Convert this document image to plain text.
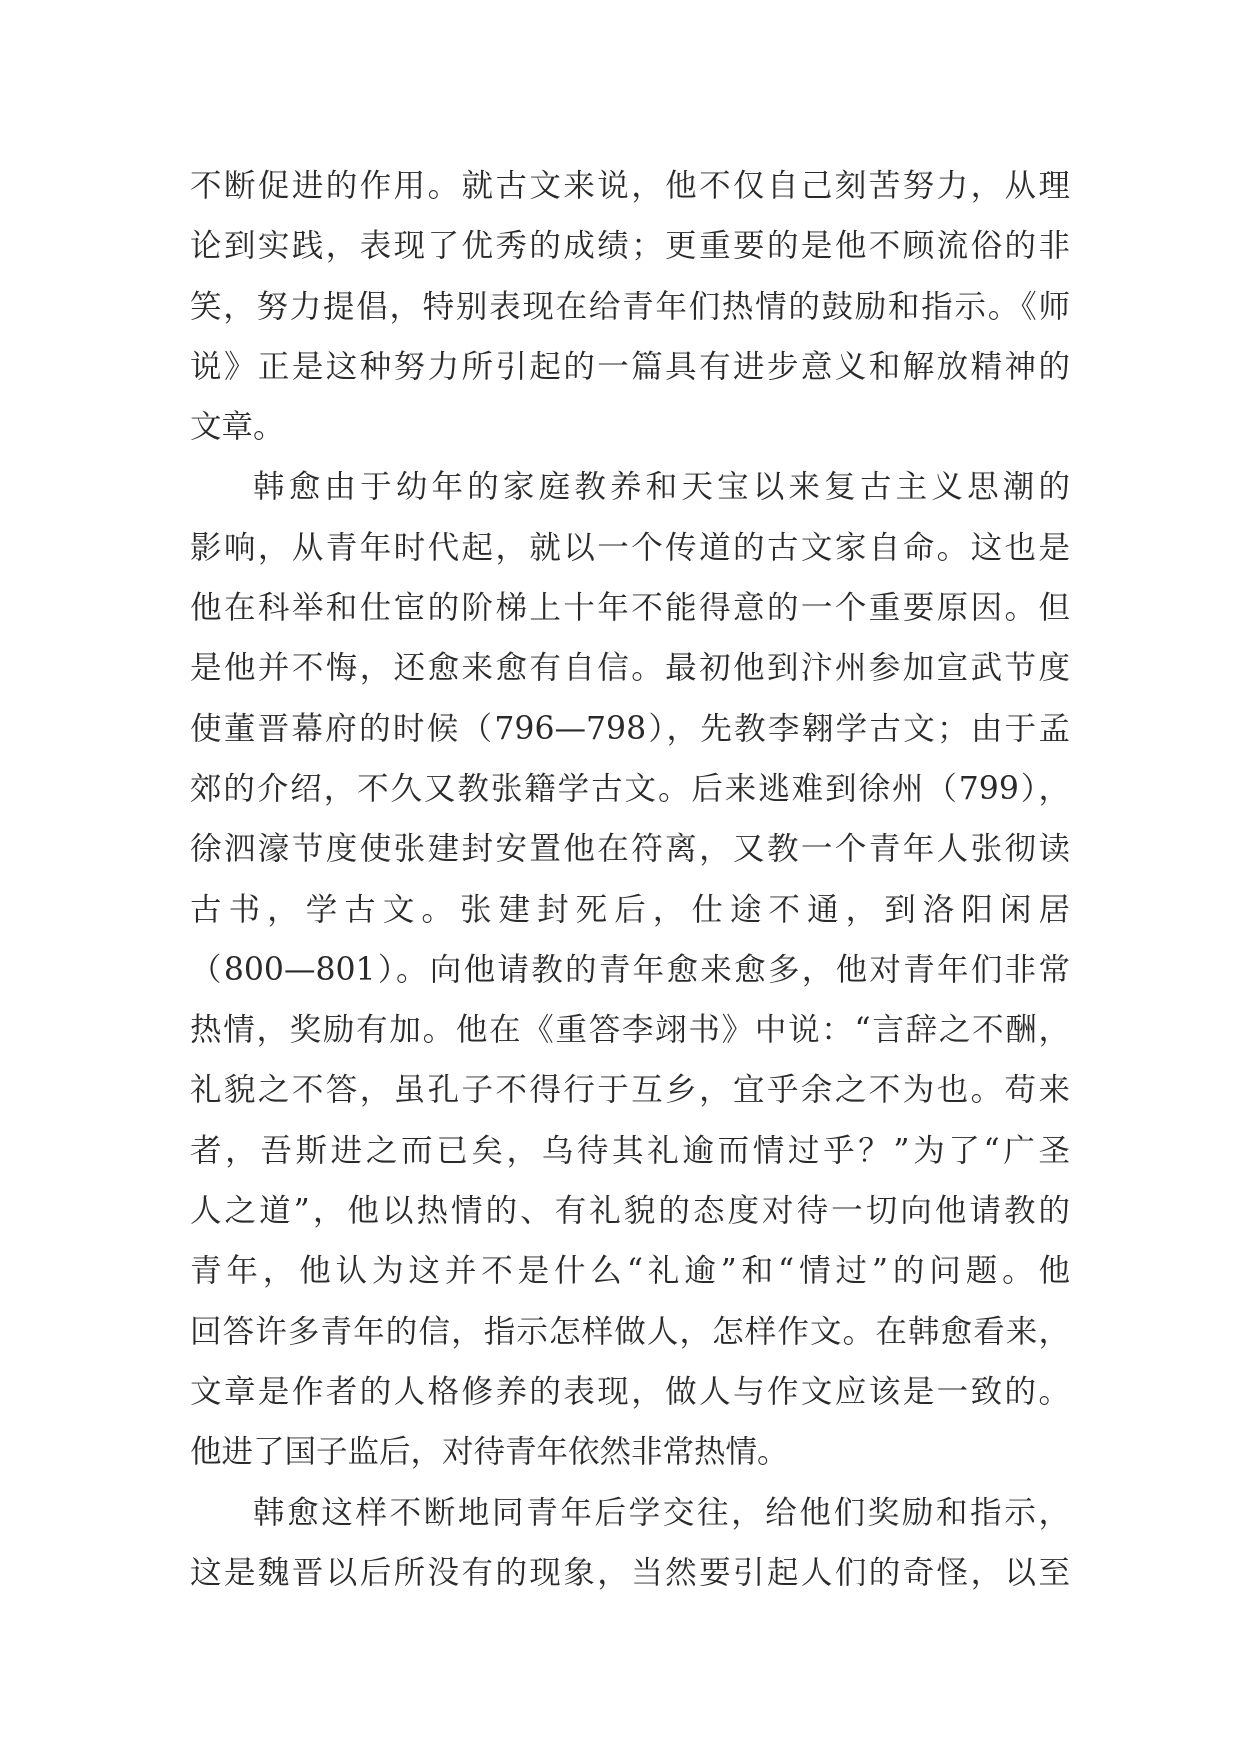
不断促进的作用。就古文来说，他不仅自己刻苦努力，从理
论到实践，表现了优秀的成绩；更重要的是他不顾流俗的非
笑，努力提倡，特别表现在给青年们热情的鼓励和指示。《师
说》正是这种努力所引起的一篇具有进步意义和解放精神的
文章。
韩愈由于幼年的家庭教养和天宝以来复古主义思潮的
影响，从青年时代起，就以一个传道的古文家自命。这也是
他在科举和仕宦的阶梯上十年不能得意的一个重要原因。但
是他并不悔，还愈来愈有自信。最初他到汴州参加宣武节度
使董晋幕府的时候（796—798），先教李翱学古文；由于孟
郊的介绍，不久又教张籍学古文。后来逃难到徐州（799），
徐泗濠节度使张建封安置他在符离，又教一个青年人张彻读
古书，学古文。张建封死后，仕途不通，到洛阳闲居
（800—801）。向他请教的青年愈来愈多，他对青年们非常
热情，奖励有加。他在《重答李翊书》中说：“言辞之不酬，
礼貌之不答，虽孔子不得行于互乡，宜乎余之不为也。苟来
者，吾斯进之而已矣，乌待其礼逾而情过乎？”为了“广圣
人之道”，他以热情的、有礼貌的态度对待一切向他请教的
青年，他认为这并不是什么“礼逾”和“情过”的问题。他
回答许多青年的信，指示怎样做人，怎样作文。在韩愈看来，
文章是作者的人格修养的表现，做人与作文应该是一致的。
他进了国子监后，对待青年依然非常热情。
韩愈这样不断地同青年后学交往，给他们奖励和指示，
这是魏晋以后所没有的现象，当然要引起人们的奇怪，以至
